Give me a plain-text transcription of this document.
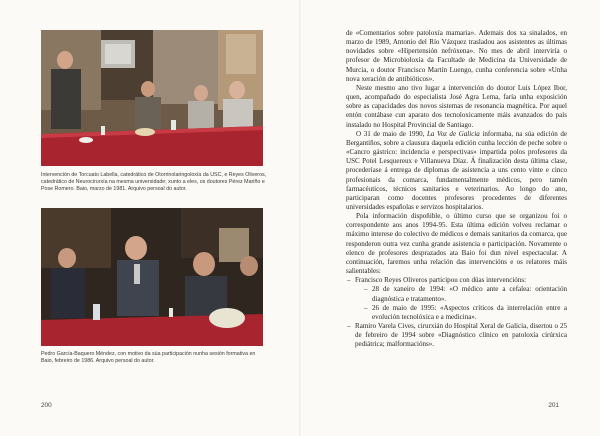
Intervención de Torcuato Labella, catedrático de Otorrinolaringoloxía da USC, e Reyes Oliveros, catedrático de Neurocirurxía na mesma universidade; xunto a eles, os doutores Pérez Mariño e Pose Romero. Baio, marzo de 1981. Arquivo persoal do autor.
Pedro García-Baquero Méndez, con motivo da súa participación nunha sesión formativa en Baio, febreiro de 1986. Arquivo persoal do autor.
200

de «Comentarios sobre patoloxía mamaria». Ademais dos xa sinalados, en marzo de 1989, Antonio del Río Vázquez trasladou aos asistentes as últimas novidades sobre «Hipertensión nefróxena». No mes de abril interviría o profesor de Microbioloxía da Facultade de Medicina da Universidade de Murcia, o doutor Francisco Martín Luengo, cunha conferencia sobre «Unha nova xeración de antibióticos».

Neste mesmo ano tivo lugar a intervención do doutor Luis López Ibor, quen, acompañado do especialista José Agra Lema, faría unha exposición sobre as capacidades dos novos sistemas de resonancia magnética. Por aquel entón contábase cun aparato dos tecnoloxicamente máis avanzados do país instalado no Hospital Provincial de Santiago.

O 31 de maio de 1990, La Voz de Galicia informaba, na súa edición de Bergantiños, sobre a clausura daquela edición cunha lección de peche sobre o «Cancro gástrico: incidencia e perspectivas» impartida polos profesores da USC Potel Lesquereux e Villanueva Díaz. Á finalización desta última clase, procederíase á entrega de diplomas de asistencia a uns cento vinte e cinco profesionais da comarca, fundamentalmente médicos, pero tamén farmacéuticos, técnicos sanitarios e veterinarios. Ao longo do ano, participaran como docentes profesores procedentes de diferentes universidades españolas e servizos hospitalarios.

Pola información dispoñible, o último curso que se organizou foi o correspondente aos anos 1994-95. Esta última edición volveu reclamar o máximo interese do colectivo de médicos e demais sanitarios da comarca, que responderon outra vez cunha grande asistencia e participación. Novamente o elenco de profesores desprazados ata Baio foi dun nivel espectacular. A continuación, faremos unha relación das intervencións e os relatores máis salientables:

– Francisco Reyes Oliveros participou con dúas intervencións:
– 28 de xaneiro de 1994: «O médico ante a cefalea: orientación diagnóstica e tratamento».
– 26 de maio de 1995: «Aspectos críticos da interrelación entre a evolución tecnolóxica e a medicina».
– Ramiro Varela Cives, cirurxián do Hospital Xeral de Galicia, disertou o 25 de febreiro de 1994 sobre «Diagnóstico clínico en patoloxía cirúrxica pediátrica; malformacións».
201
